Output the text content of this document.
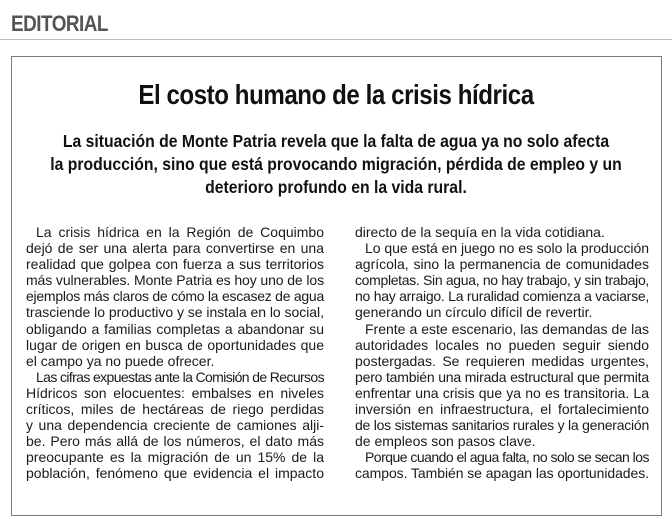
EDITORIAL
El costo humano de la crisis hídrica
La situación de Monte Patria revela que la falta de agua ya no solo afecta
la producción, sino que está provocando migración, pérdida de empleo y un
deterioro profundo en la vida rural.
La crisis hídrica en la Región de Coquimbo
dejó de ser una alerta para convertirse en una
realidad que golpea con fuerza a sus territorios
más vulnerables. Monte Patria es hoy uno de los
ejemplos más claros de cómo la escasez de agua
trasciende lo productivo y se instala en lo social,
obligando a familias completas a abandonar su
lugar de origen en busca de oportunidades que
el campo ya no puede ofrecer.
Las cifras expuestas ante la Comisión de Recursos
Hídricos son elocuentes: embalses en niveles
críticos, miles de hectáreas de riego perdidas
y una dependencia creciente de camiones alji-
be. Pero más allá de los números, el dato más
preocupante es la migración de un 15% de la
población, fenómeno que evidencia el impacto
directo de la sequía en la vida cotidiana.
Lo que está en juego no es solo la producción
agrícola, sino la permanencia de comunidades
completas. Sin agua, no hay trabajo, y sin trabajo,
no hay arraigo. La ruralidad comienza a vaciarse,
generando un círculo difícil de revertir.
Frente a este escenario, las demandas de las
autoridades locales no pueden seguir siendo
postergadas. Se requieren medidas urgentes,
pero también una mirada estructural que permita
enfrentar una crisis que ya no es transitoria. La
inversión en infraestructura, el fortalecimiento
de los sistemas sanitarios rurales y la generación
de empleos son pasos clave.
Porque cuando el agua falta, no solo se secan los
campos. También se apagan las oportunidades.
